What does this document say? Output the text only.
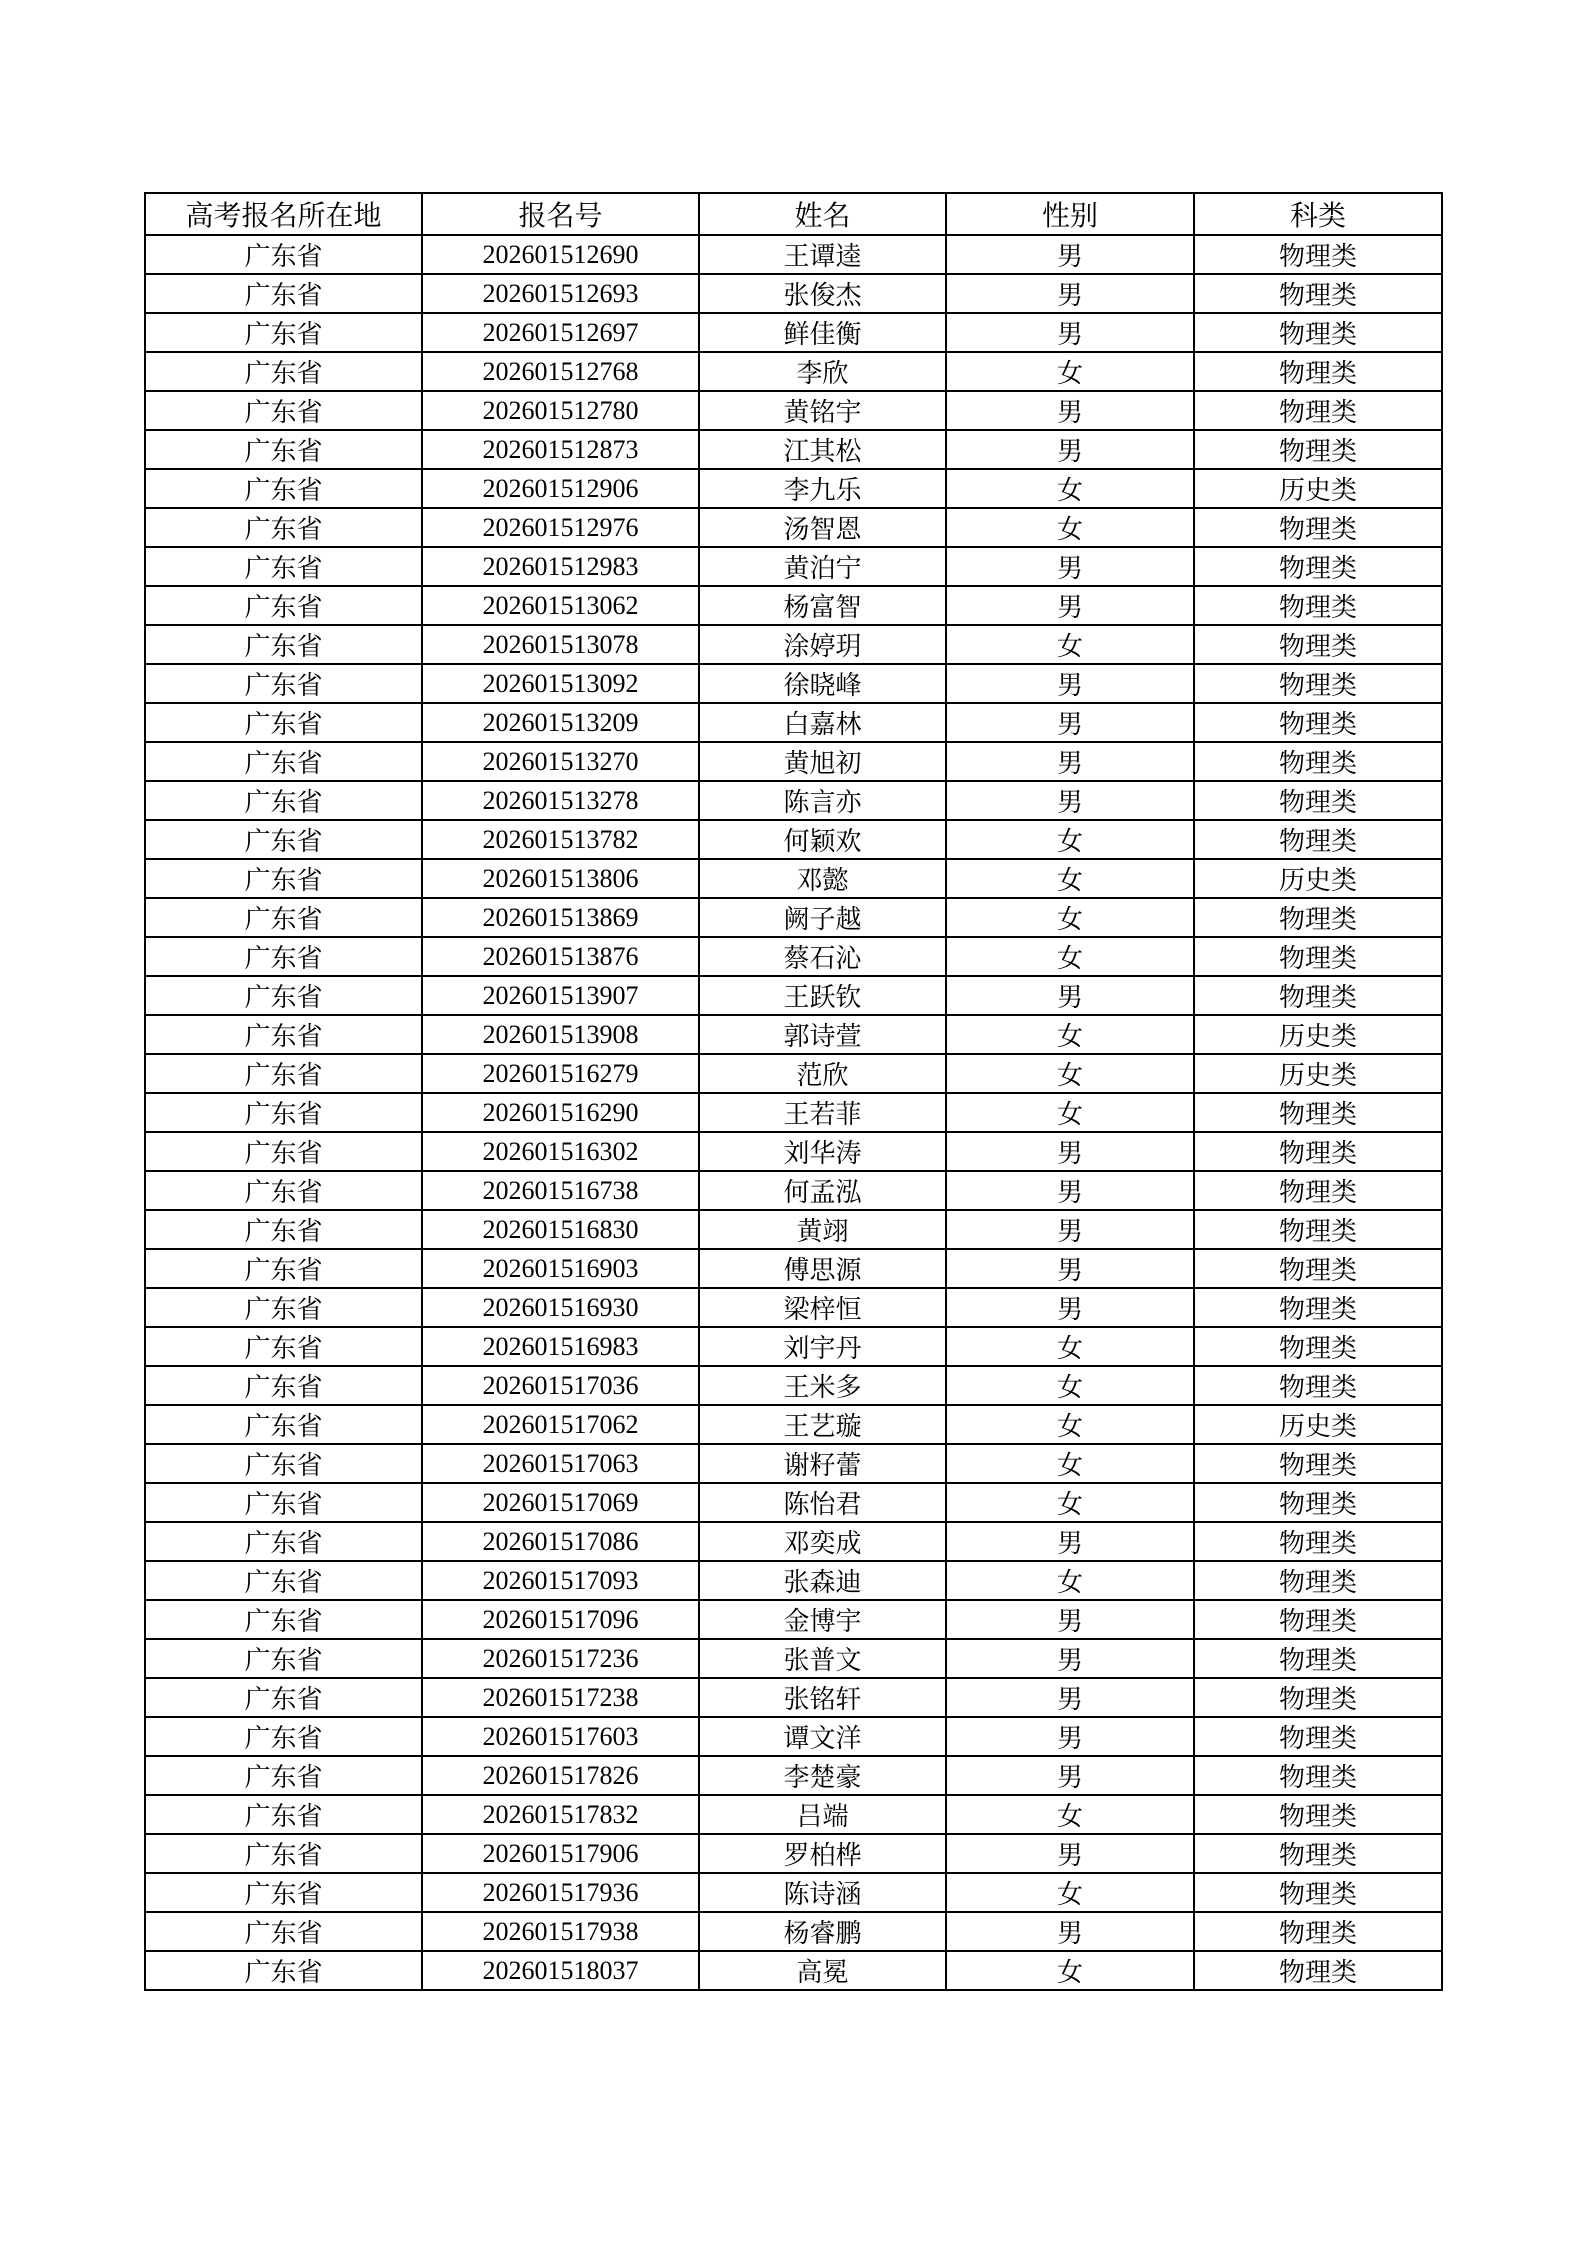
高考报名所在地	报名号	姓名	性别	科类
广东省	202601512690	王谭逵	男	物理类
广东省	202601512693	张俊杰	男	物理类
广东省	202601512697	鲜佳衡	男	物理类
广东省	202601512768	李欣	女	物理类
广东省	202601512780	黄铭宇	男	物理类
广东省	202601512873	江其松	男	物理类
广东省	202601512906	李九乐	女	历史类
广东省	202601512976	汤智恩	女	物理类
广东省	202601512983	黄泊宁	男	物理类
广东省	202601513062	杨富智	男	物理类
广东省	202601513078	涂婷玥	女	物理类
广东省	202601513092	徐晓峰	男	物理类
广东省	202601513209	白嘉林	男	物理类
广东省	202601513270	黄旭初	男	物理类
广东省	202601513278	陈言亦	男	物理类
广东省	202601513782	何颖欢	女	物理类
广东省	202601513806	邓懿	女	历史类
广东省	202601513869	阙子越	女	物理类
广东省	202601513876	蔡石沁	女	物理类
广东省	202601513907	王跃钦	男	物理类
广东省	202601513908	郭诗萱	女	历史类
广东省	202601516279	范欣	女	历史类
广东省	202601516290	王若菲	女	物理类
广东省	202601516302	刘华涛	男	物理类
广东省	202601516738	何孟泓	男	物理类
广东省	202601516830	黄翊	男	物理类
广东省	202601516903	傅思源	男	物理类
广东省	202601516930	梁梓恒	男	物理类
广东省	202601516983	刘宇丹	女	物理类
广东省	202601517036	王米多	女	物理类
广东省	202601517062	王艺璇	女	历史类
广东省	202601517063	谢籽蕾	女	物理类
广东省	202601517069	陈怡君	女	物理类
广东省	202601517086	邓奕成	男	物理类
广东省	202601517093	张森迪	女	物理类
广东省	202601517096	金博宇	男	物理类
广东省	202601517236	张普文	男	物理类
广东省	202601517238	张铭轩	男	物理类
广东省	202601517603	谭文洋	男	物理类
广东省	202601517826	李楚豪	男	物理类
广东省	202601517832	吕端	女	物理类
广东省	202601517906	罗柏桦	男	物理类
广东省	202601517936	陈诗涵	女	物理类
广东省	202601517938	杨睿鹏	男	物理类
广东省	202601518037	高冕	女	物理类
